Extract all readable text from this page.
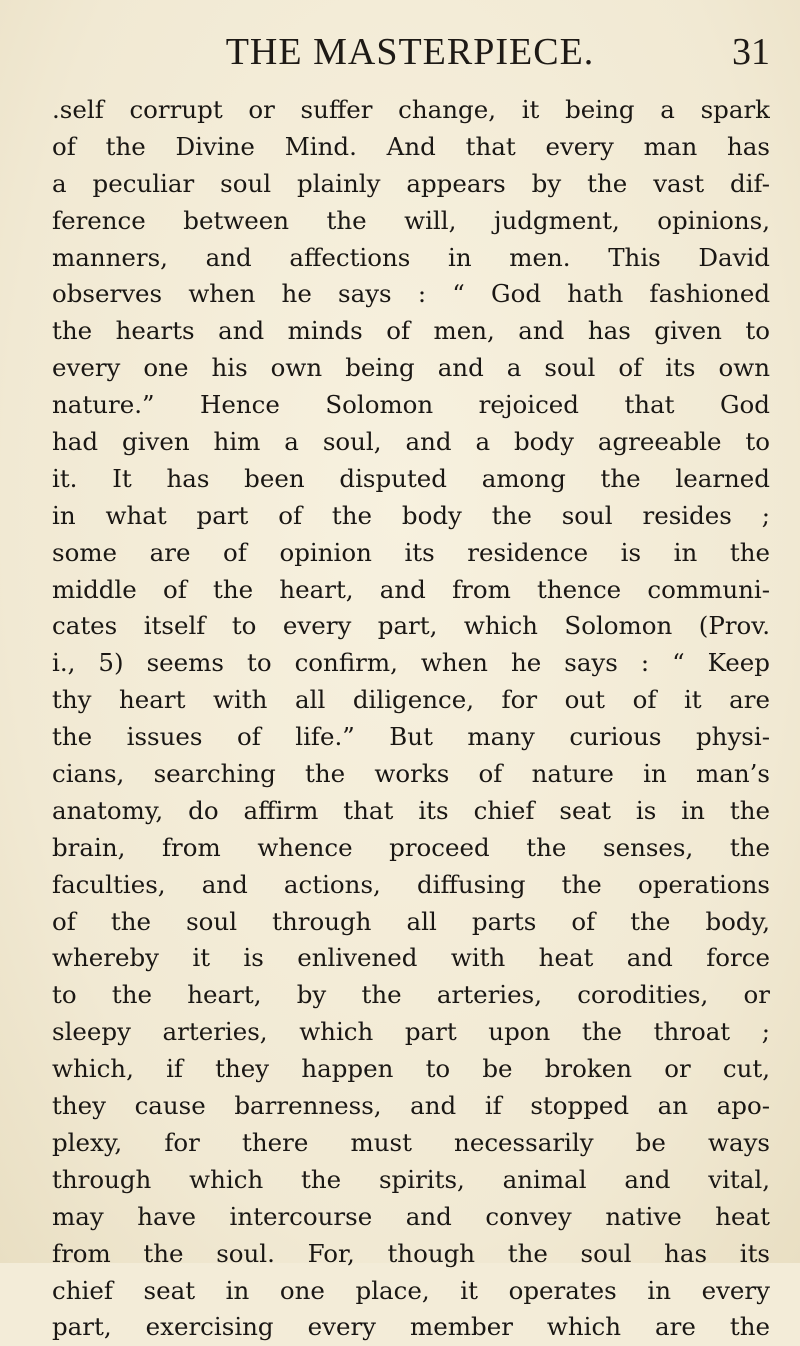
THE MASTERPIECE.	31
.self corrupt or suffer change, it being a spark
of the Divine Mind. And that every man has
a peculiar soul plainly appears by the vast dif-
ference between the will, judgment, opinions,
manners, and affections in men. This David
observes when he says : “ God hath fashioned
the hearts and minds of men, and has given to
every one his own being and a soul of its own
nature.” Hence Solomon rejoiced that God
had given him a soul, and a body agreeable to
it. It has been disputed among the learned
in what part of the body the soul resides ;
some are of opinion its residence is in the
middle of the heart, and from thence communi-
cates itself to every part, which Solomon (Prov.
i., 5) seems to confirm, when he says : “ Keep
thy heart with all diligence, for out of it are
the issues of life.” But many curious physi-
cians, searching the works of nature in man’s
anatomy, do affirm that its chief seat is in the
brain, from whence proceed the senses, the
faculties, and actions, diffusing the operations
of the soul through all parts of the body,
whereby it is enlivened with heat and force
to the heart, by the arteries, corodities, or
sleepy arteries, which part upon the throat ;
which, if they happen to be broken or cut,
they cause barrenness, and if stopped an apo-
plexy, for there must necessarily be ways
through which the spirits, animal and vital,
may have intercourse and convey native heat
from the soul. For, though the soul has its
chief seat in one place, it operates in every
part, exercising every member which are the
